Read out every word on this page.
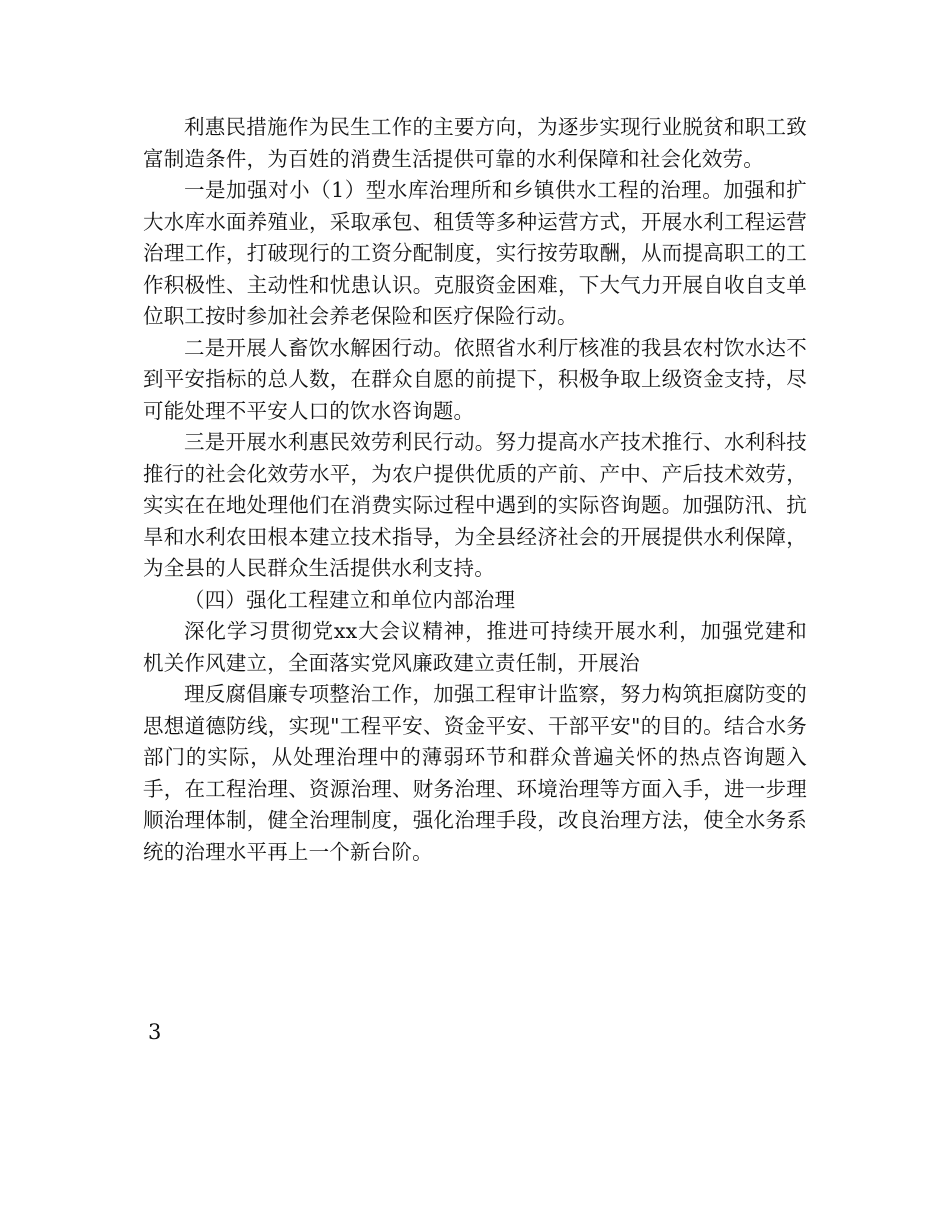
利惠民措施作为民生工作的主要方向，为逐步实现行业脱贫和职工致富制造条件，为百姓的消费生活提供可靠的水利保障和社会化效劳。

一是加强对小（1）型水库治理所和乡镇供水工程的治理。加强和扩大水库水面养殖业，采取承包、租赁等多种运营方式，开展水利工程运营治理工作，打破现行的工资分配制度，实行按劳取酬，从而提高职工的工作积极性、主动性和忧患认识。克服资金困难，下大气力开展自收自支单位职工按时参加社会养老保险和医疗保险行动。

二是开展人畜饮水解困行动。依照省水利厅核准的我县农村饮水达不到平安指标的总人数，在群众自愿的前提下，积极争取上级资金支持，尽可能处理不平安人口的饮水咨询题。

三是开展水利惠民效劳利民行动。努力提高水产技术推行、水利科技推行的社会化效劳水平，为农户提供优质的产前、产中、产后技术效劳，实实在在地处理他们在消费实际过程中遇到的实际咨询题。加强防汛、抗旱和水利农田根本建立技术指导，为全县经济社会的开展提供水利保障，为全县的人民群众生活提供水利支持。

（四）强化工程建立和单位内部治理

深化学习贯彻党xx大会议精神，推进可持续开展水利，加强党建和机关作风建立，全面落实党风廉政建立责任制，开展治

理反腐倡廉专项整治工作，加强工程审计监察，努力构筑拒腐防变的思想道德防线，实现"工程平安、资金平安、干部平安"的目的。结合水务部门的实际，从处理治理中的薄弱环节和群众普遍关怀的热点咨询题入手，在工程治理、资源治理、财务治理、环境治理等方面入手，进一步理顺治理体制，健全治理制度，强化治理手段，改良治理方法，使全水务系统的治理水平再上一个新台阶。

3
